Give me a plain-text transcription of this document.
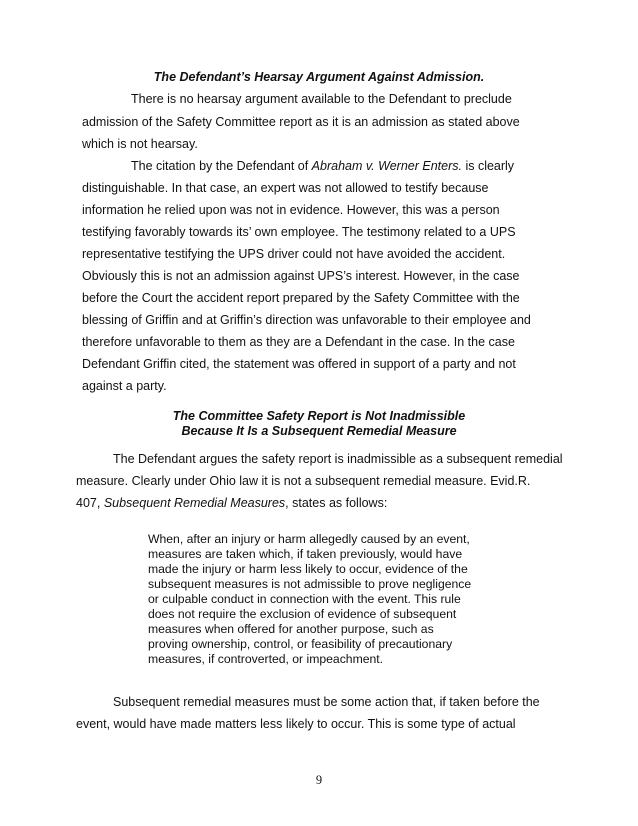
The Defendant’s Hearsay Argument Against Admission.
There is no hearsay argument available to the Defendant to preclude
admission of the Safety Committee report as it is an admission as stated above
which is not hearsay.
The citation by the Defendant of Abraham v. Werner Enters. is clearly
distinguishable. In that case, an expert was not allowed to testify because
information he relied upon was not in evidence. However, this was a person
testifying favorably towards its’ own employee. The testimony related to a UPS
representative testifying the UPS driver could not have avoided the accident.
Obviously this is not an admission against UPS’s interest. However, in the case
before the Court the accident report prepared by the Safety Committee with the
blessing of Griffin and at Griffin’s direction was unfavorable to their employee and
therefore unfavorable to them as they are a Defendant in the case. In the case
Defendant Griffin cited, the statement was offered in support of a party and not
against a party.
The Committee Safety Report is Not Inadmissible
Because It Is a Subsequent Remedial Measure
The Defendant argues the safety report is inadmissible as a subsequent remedial
measure. Clearly under Ohio law it is not a subsequent remedial measure. Evid.R.
407, Subsequent Remedial Measures, states as follows:
When, after an injury or harm allegedly caused by an event,
measures are taken which, if taken previously, would have
made the injury or harm less likely to occur, evidence of the
subsequent measures is not admissible to prove negligence
or culpable conduct in connection with the event. This rule
does not require the exclusion of evidence of subsequent
measures when offered for another purpose, such as
proving ownership, control, or feasibility of precautionary
measures, if controverted, or impeachment.
Subsequent remedial measures must be some action that, if taken before the
event, would have made matters less likely to occur. This is some type of actual
9
